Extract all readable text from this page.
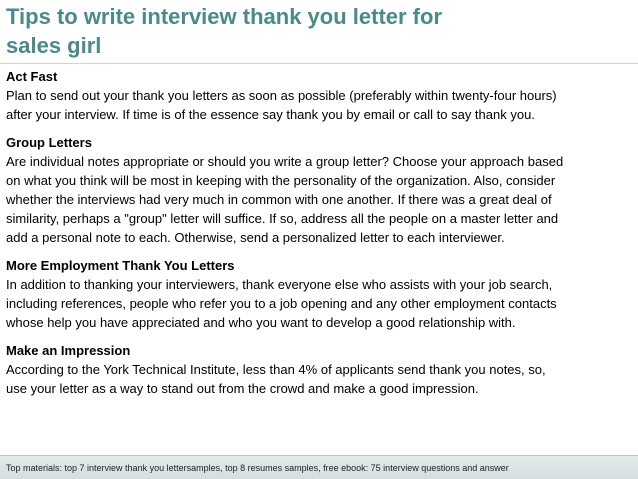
Tips to write interview thank you letter for
sales girl

Act Fast

Plan to send out your thank you letters as soon as possible (preferably within twenty-four hours)

after your interview. If time is of the essence say thank you by email or call to say thank you.

Group Letters

Are individual notes appropriate or should you write a group letter? Choose your approach based

on what you think will be most in keeping with the personality of the organization. Also, consider

whether the interviews had very much in common with one another. If there was a great deal of

similarity, perhaps a "group" letter will suffice. If so, address all the people on a master letter and

add a personal note to each. Otherwise, send a personalized letter to each interviewer.

More Employment Thank You Letters

In addition to thanking your interviewers, thank everyone else who assists with your job search,

including references, people who refer you to a job opening and any other employment contacts

whose help you have appreciated and who you want to develop a good relationship with.

Make an Impression

According to the York Technical Institute, less than 4% of applicants send thank you notes, so,

use your letter as a way to stand out from the crowd and make a good impression.

Top materials: top 7 interview thank you lettersamples, top 8 resumes samples, free ebook: 75 interview questions and answer
